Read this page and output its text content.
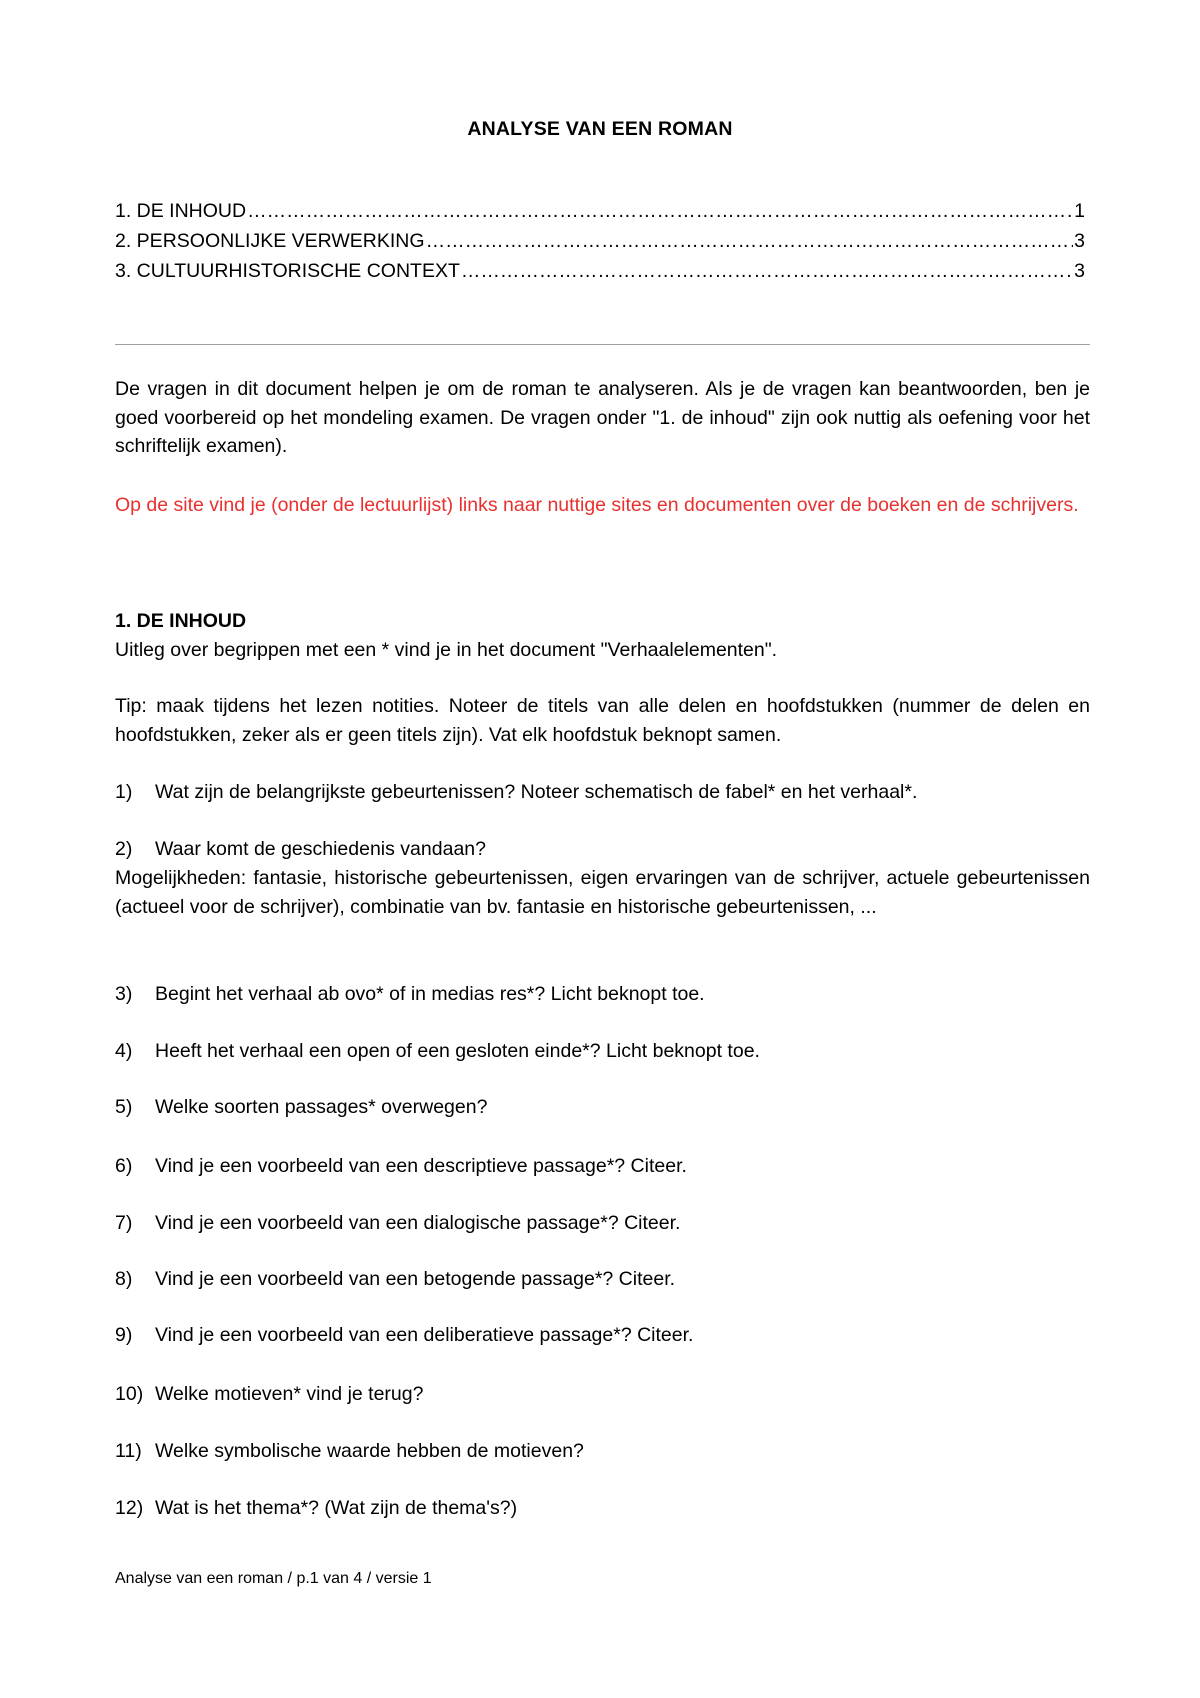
ANALYSE VAN EEN ROMAN
1. DE INHOUD ………………………………………………………………………………………………………………………………………………………………………………………………………………………………………………	1
2. PERSOONLIJKE VERWERKING ………………………………………………………………………………………………………………………………………………………………………………………………………………………………………………	3
3. CULTUURHISTORISCHE CONTEXT ………………………………………………………………………………………………………………………………………………………………………………………………………………………………………………	3
De vragen in dit document helpen je om de roman te analyseren. Als je de vragen kan beantwoorden, ben je goed voorbereid op het mondeling examen. De vragen onder "1. de inhoud" zijn ook nuttig als oefening voor het schriftelijk examen).
Op de site vind je (onder de lectuurlijst) links naar nuttige sites en documenten over de boeken en de schrijvers.
1. DE INHOUD
Uitleg over begrippen met een * vind je in het document "Verhaalelementen".
Tip: maak tijdens het lezen notities. Noteer de titels van alle delen en hoofdstukken (nummer de delen en hoofdstukken, zeker als er geen titels zijn). Vat elk hoofdstuk beknopt samen.
1) Wat zijn de belangrijkste gebeurtenissen? Noteer schematisch de fabel* en het verhaal*.
2) Waar komt de geschiedenis vandaan?
Mogelijkheden: fantasie, historische gebeurtenissen, eigen ervaringen van de schrijver, actuele gebeurtenissen (actueel voor de schrijver), combinatie van bv. fantasie en historische gebeurtenissen, ...
3) Begint het verhaal ab ovo* of in medias res*? Licht beknopt toe.
4) Heeft het verhaal een open of een gesloten einde*? Licht beknopt toe.
5) Welke soorten passages* overwegen?
6) Vind je een voorbeeld van een descriptieve passage*? Citeer.
7) Vind je een voorbeeld van een dialogische passage*? Citeer.
8) Vind je een voorbeeld van een betogende passage*? Citeer.
9) Vind je een voorbeeld van een deliberatieve passage*? Citeer.
10) Welke motieven* vind je terug?
11) Welke symbolische waarde hebben de motieven?
12) Wat is het thema*? (Wat zijn de thema's?)
Analyse van een roman / p.1 van 4 / versie 1
